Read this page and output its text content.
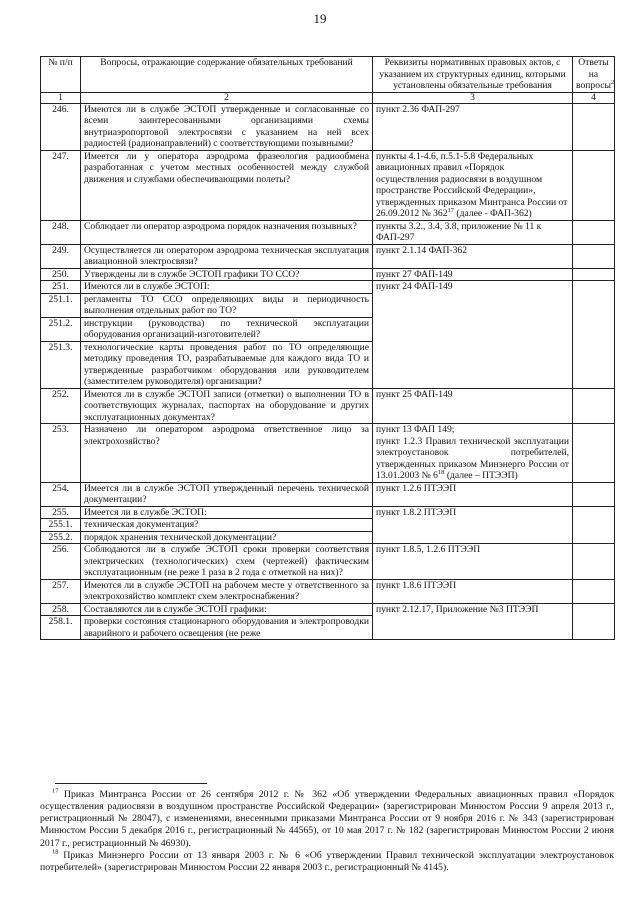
19
№ п/п	Вопросы, отражающие содержание обязательных требований	Реквизиты нормативных правовых актов, с указанием их структурных единиц, которыми установлены обязательные требования	Ответы на вопросы$^2$
1	2	3	4
246.	Имеются ли в службе ЭСТОП утвержденные и согласованные со всеми заинтересованными организациями схемы внутриаэропортовой электросвязи с указанием на ней всех радиостей (радионаправлений) с соответствующими позывными?	пункт 2.36 ФАП-297	
247.	Имеется ли у оператора аэродрома фразеология радиообмена разработанная с учетом местных особенностей между службой движения и службами обеспечивающими полеты?	пункты 4.1-4.6, п.5.1-5.8 Федеральных авиационных правил «Порядок осуществления радиосвязи в воздушном пространстве Российской Федерации», утвержденных приказом Минтранса России от 26.09.2012 № $362^{17}$ (далее - ФАП-362)	
248.	Соблюдает ли оператор аэродрома порядок назначения позывных?	пункты 3.2., 3.4, 3.8, приложение № 11 к ФАП-297	
249.	Осуществляется ли оператором аэродрома техническая эксплуатация авиационной электросвязи?	пункт 2.1.14 ФАП-362	
250.	Утверждены ли в службе ЭСТОП графики ТО ССО?	пункт 27 ФАП-149	
251.	Имеются ли в службе ЭСТОП:	пункт 24 ФАП-149	
251.1.	регламенты ТО ССО определяющих виды и периодичность выполнения отдельных работ по ТО?		
251.2.	инструкции (руководства) по технической эксплуатации оборудования организаций-изготовителей?		
251.3.	технологические карты проведения работ по ТО определяющие методику проведения ТО, разрабатываемые для каждого вида ТО и утвержденные разработчиком оборудования или руководителем (заместителем руководителя) организации?		
252.	Имеются ли в службе ЭСТОП записи (отметки) о выполнении ТО в соответствующих журналах, паспортах на оборудование и других эксплуатационных документах?	пункт 25 ФАП-149	
253.	Назначено ли оператором аэродрома ответственное лицо за электрохозяйство?	пункт 13 ФАП 149;
пункт 1.2.3 Правил технической эксплуатации электроустановок потребителей, утвержденных приказом Минэнерго России от 13.01.2003 № $6^{18}$ (далее – ПТЭЭП)	

254.	Имеется ли в службе ЭСТОП утвержденный перечень технической документации?	пункт 1.2.6 ПТЭЭП	
255.	Имеется ли в службе ЭСТОП:	пункт 1.8.2 ПТЭЭП	
255.1.	техническая документация?		
255.2.	порядок хранения технической документации?		
256.	Соблюдаются ли в службе ЭСТОП сроки проверки соответствия электрических (технологических) схем (чертежей) фактическим эксплуатационным (не реже 1 раза в 2 года с отметкой на них)?	пункт 1.8.5, 1.2.6 ПТЭЭП	
257.	Имеются ли в службе ЭСТОП на рабочем месте у ответственного за электрохозяйство комплект схем электроснабжения?	пункт 1.8.6 ПТЭЭП	
258.	Составляются ли в службе ЭСТОП графики:	пункт 2.12.17, Приложение №3 ПТЭЭП	
258.1.	проверки состояния стационарного оборудования и электропроводки аварийного и рабочего освещения (не реже		

$^{17}$ Приказ Минтранса России от 26 сентября 2012 г. № 362 «Об утверждении Федеральных авиационных правил «Порядок осуществления радиосвязи в воздушном пространстве Российской Федерации» (зарегистрирован Минюстом России 9 апреля 2013 г., регистрационный № 28047), с изменениями, внесенными приказами Минтранса России от 9 ноября 2016 г. № 343 (зарегистрирован Минюстом России 5 декабря 2016 г., регистрационный № 44565), от 10 мая 2017 г. № 182 (зарегистрирован Минюстом России 2 июня 2017 г., регистрационный № 46930).

$^{18}$ Приказ Минэнерго России от 13 января 2003 г. № 6 «Об утверждении Правил технической эксплуатации электроустановок потребителей» (зарегистрирован Минюстом России 22 января 2003 г., регистрационный № 4145).
